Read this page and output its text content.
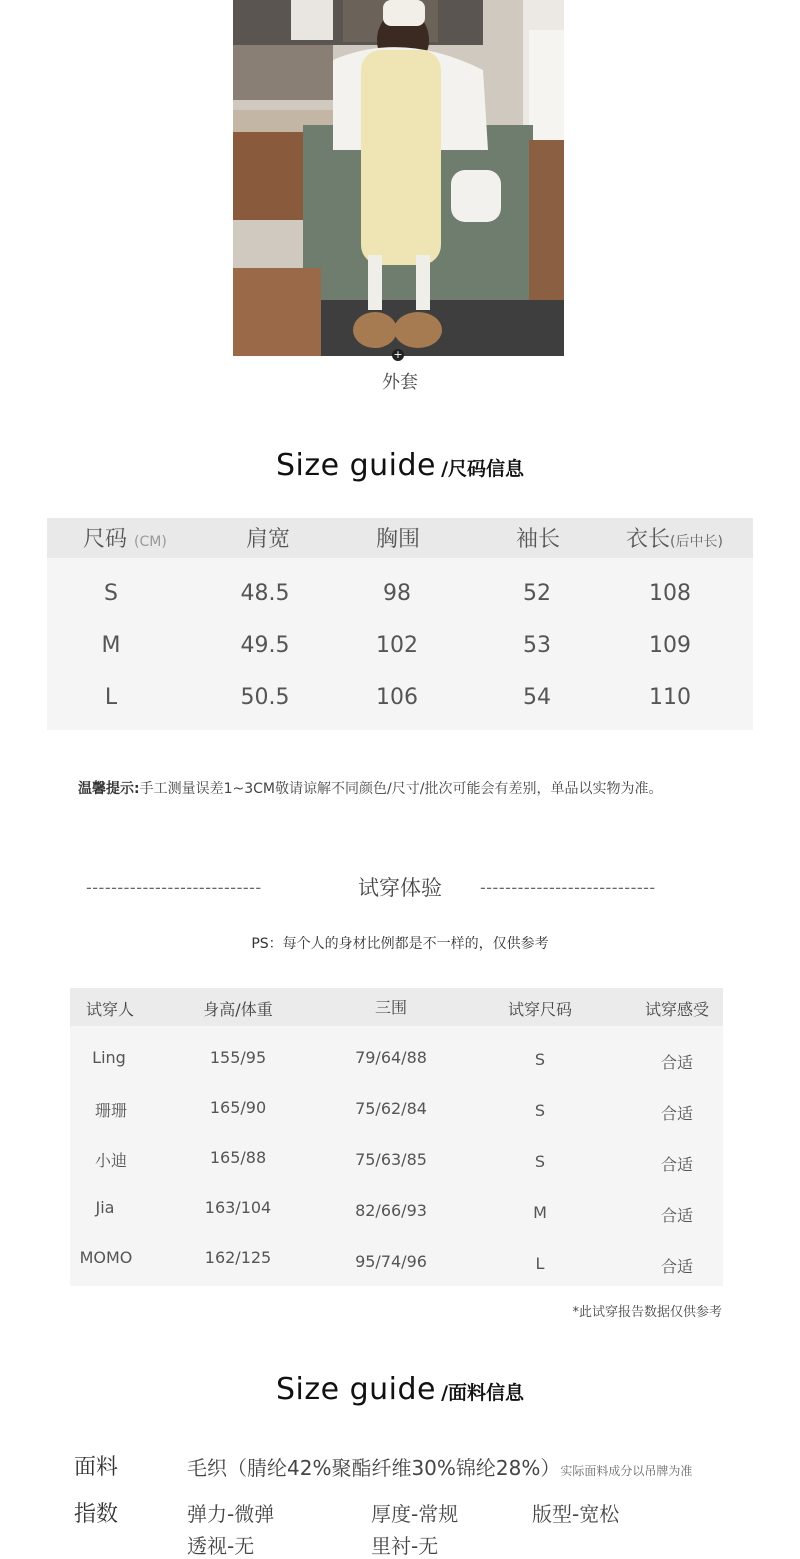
+
外套
Size guide /尺码信息
尺码 (CM)	肩宽	胸围	袖长	衣长(后中长)
S	48.5	98	52	108
M	49.5	102	53	109
L	50.5	106	54	110
温馨提示:手工测量误差1~3CM敬请谅解不同颜色/尺寸/批次可能会有差别，单品以实物为准。
----------------------------	试穿体验	----------------------------
PS：每个人的身材比例都是不一样的，仅供参考
试穿人	身高/体重	三围	试穿尺码	试穿感受
Ling	155/95	79/64/88	S	合适
珊珊	165/90	75/62/84	S	合适
小迪	165/88	75/63/85	S	合适
Jia	163/104	82/66/93	M	合适
MOMO	162/125	95/74/96	L	合适
*此试穿报告数据仅供参考
Size guide /面料信息
面料	毛织（腈纶42%聚酯纤维30%锦纶28%）实际面料成分以吊牌为准
指数	弹力-微弹	厚度-常规	版型-宽松
透视-无	里衬-无
